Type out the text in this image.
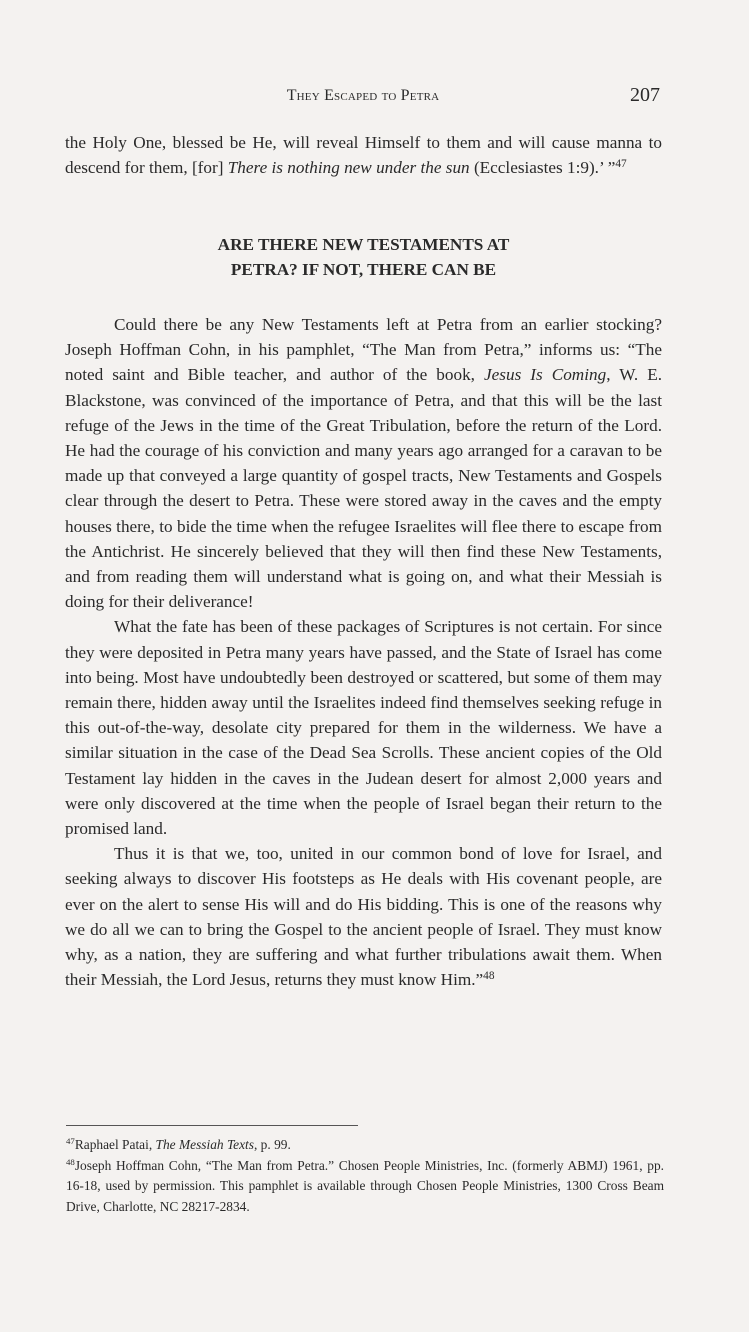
They Escaped to Petra	207

the Holy One, blessed be He, will reveal Himself to them and will cause manna to descend for them, [for] There is nothing new under the sun (Ecclesiastes 1:9).’ ”$^{47}$

ARE THERE NEW TESTAMENTS AT
PETRA? IF NOT, THERE CAN BE

Could there be any New Testaments left at Petra from an earlier stocking? Joseph Hoffman Cohn, in his pamphlet, “The Man from Petra,” informs us: “The noted saint and Bible teacher, and author of the book, Jesus Is Coming, W. E. Blackstone, was convinced of the importance of Petra, and that this will be the last refuge of the Jews in the time of the Great Tribulation, before the return of the Lord. He had the courage of his conviction and many years ago arranged for a caravan to be made up that conveyed a large quantity of gospel tracts, New Testaments and Gospels clear through the desert to Petra. These were stored away in the caves and the empty houses there, to bide the time when the refugee Israelites will flee there to escape from the Antichrist. He sincerely believed that they will then find these New Testaments, and from reading them will understand what is going on, and what their Messiah is doing for their deliverance!

What the fate has been of these packages of Scriptures is not certain. For since they were deposited in Petra many years have passed, and the State of Israel has come into being. Most have undoubtedly been destroyed or scattered, but some of them may remain there, hidden away until the Israelites indeed find themselves seeking refuge in this out-of-the-way, desolate city prepared for them in the wilderness. We have a similar situation in the case of the Dead Sea Scrolls. These ancient copies of the Old Testament lay hidden in the caves in the Judean desert for almost 2,000 years and were only discovered at the time when the people of Israel began their return to the promised land.

Thus it is that we, too, united in our common bond of love for Israel, and seeking always to discover His footsteps as He deals with His covenant people, are ever on the alert to sense His will and do His bidding. This is one of the reasons why we do all we can to bring the Gospel to the ancient people of Israel. They must know why, as a nation, they are suffering and what further tribulations await them. When their Messiah, the Lord Jesus, returns they must know Him.”$^{48}$

$^{47}$Raphael Patai, The Messiah Texts, p. 99.

$^{48}$Joseph Hoffman Cohn, “The Man from Petra.” Chosen People Ministries, Inc. (formerly ABMJ) 1961, pp. 16-18, used by permission. This pamphlet is available through Chosen People Ministries, 1300 Cross Beam Drive, Charlotte, NC 28217-2834.
